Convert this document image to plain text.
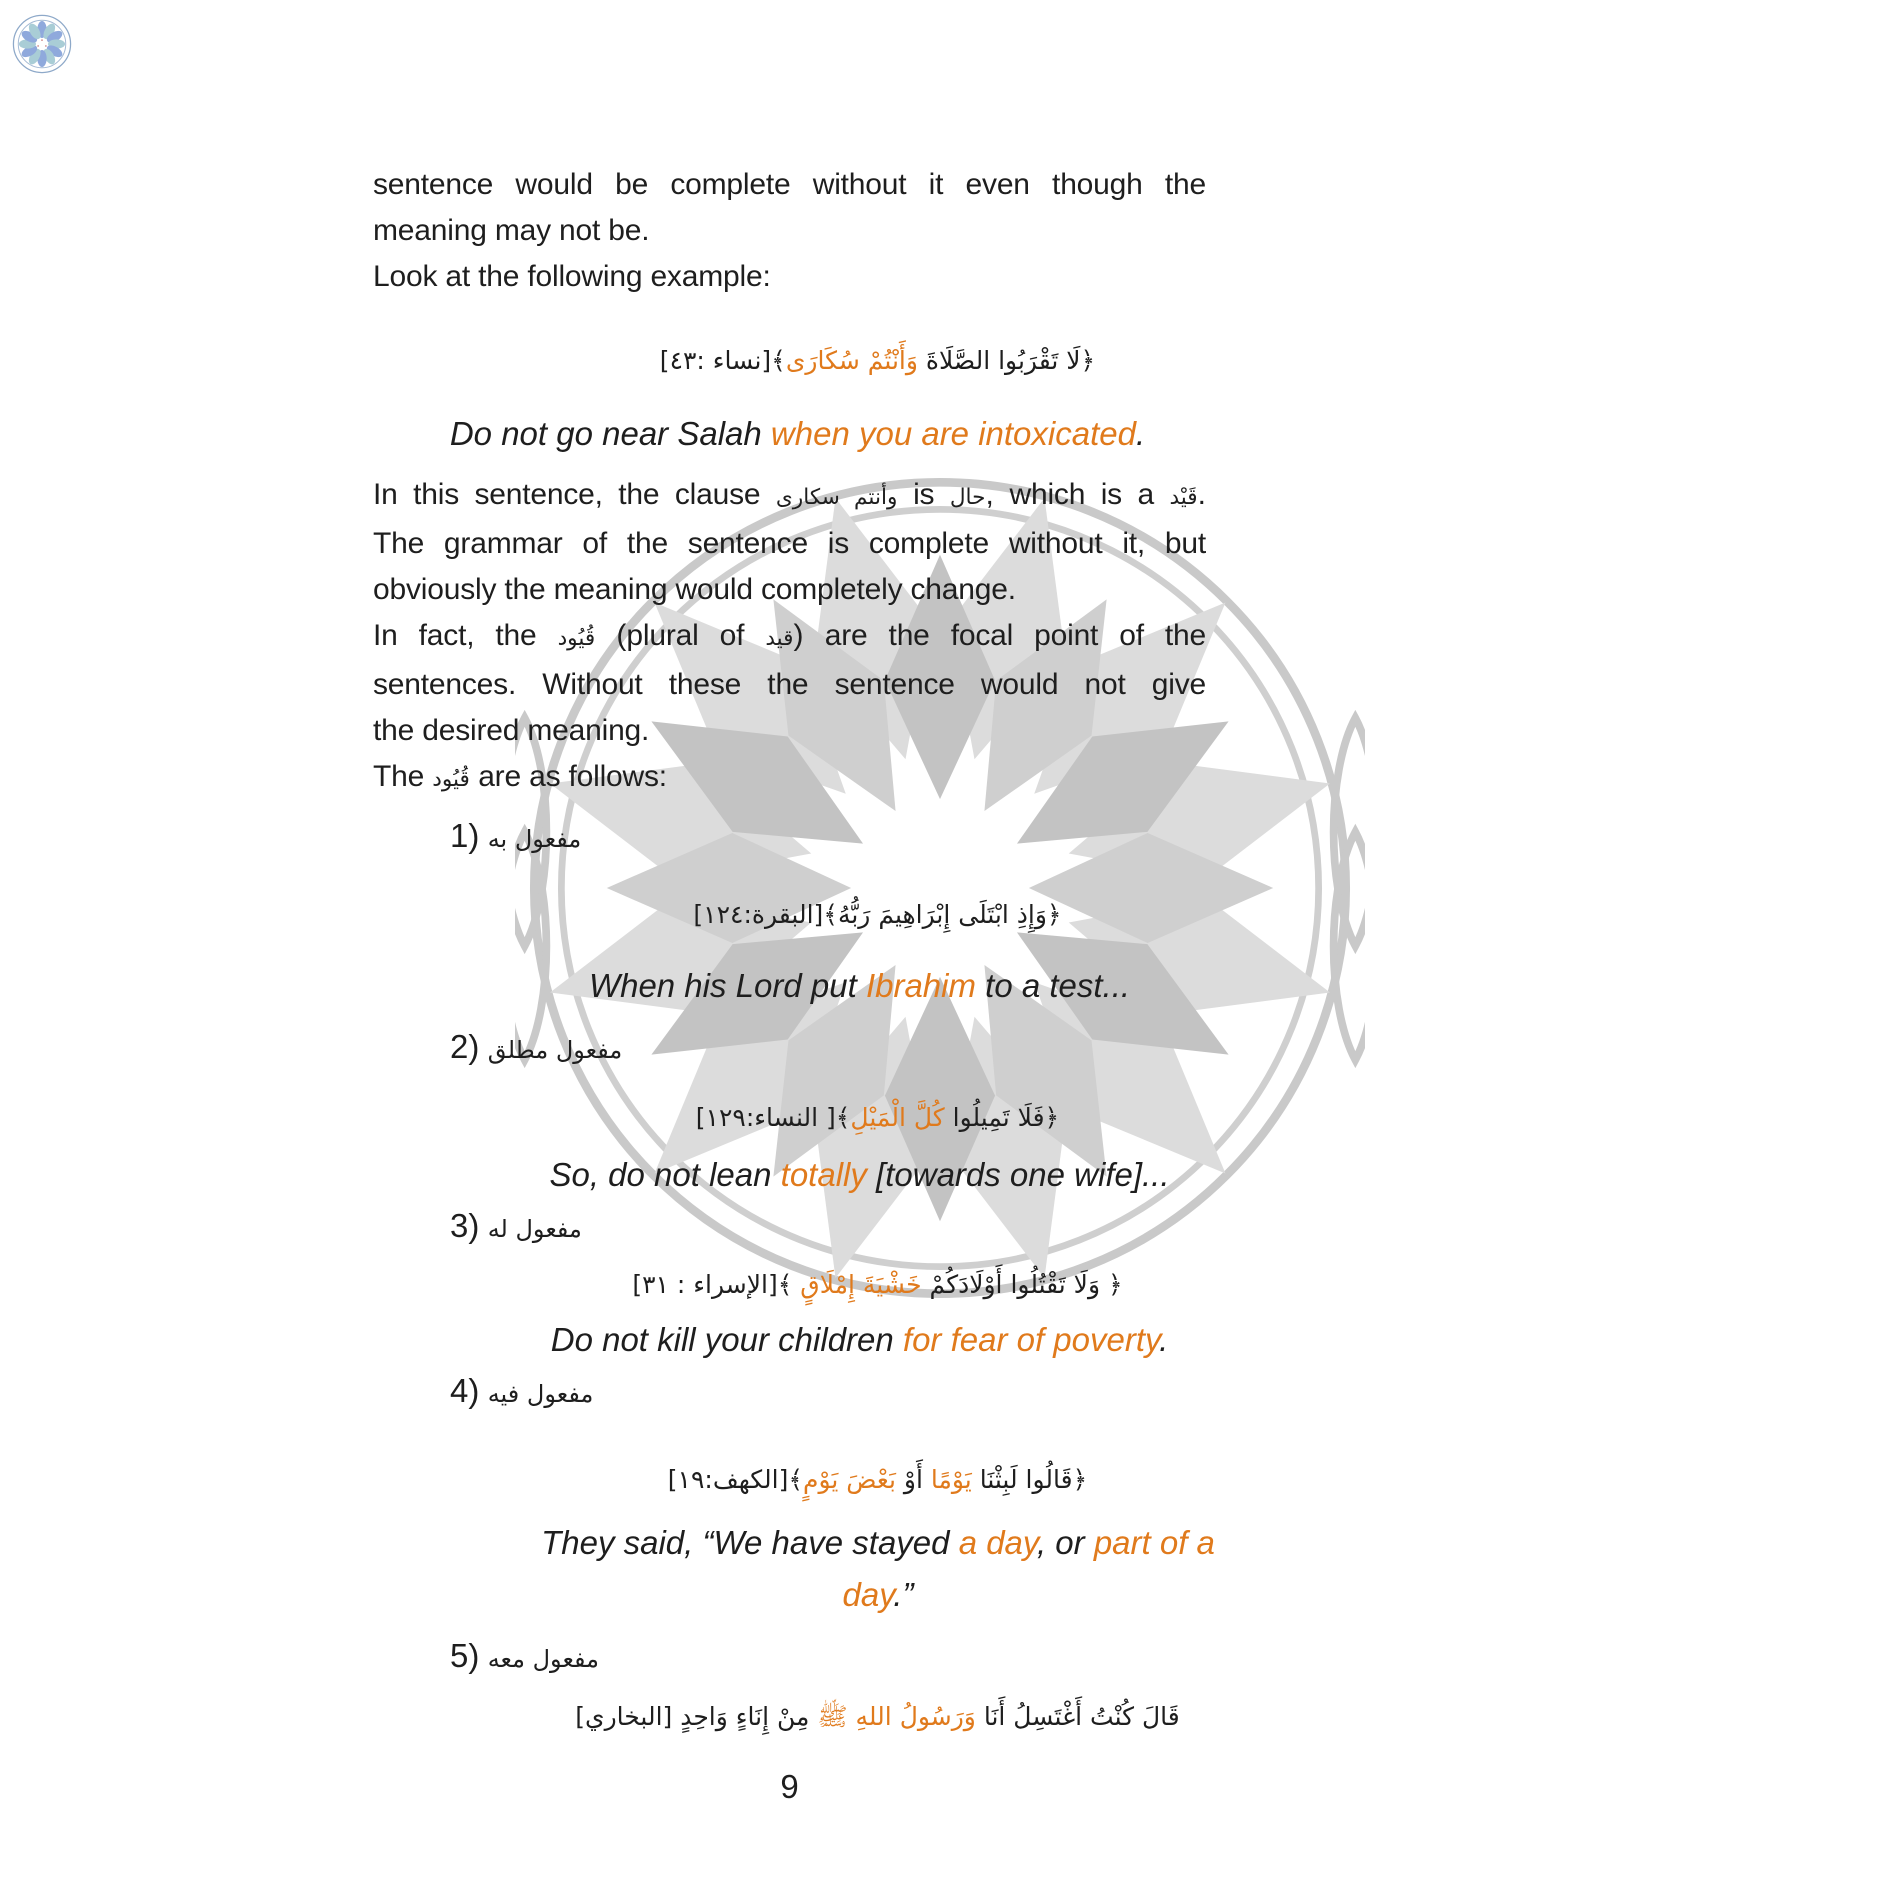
sentence would be complete without it even though the
meaning may not be.
Look at the following example:

﴿لَا تَقْرَبُوا الصَّلَاةَ وَأَنْتُمْ سُكَارَى﴾[نساء :٤٣]
Do not go near Salah when you are intoxicated.

In this sentence, the clause وأنتم سكارى is حال, which is a قَيْد.
The grammar of the sentence is complete without it, but
obviously the meaning would completely change.

In fact, the قُيُود (plural of قيد) are the focal point of the
sentences. Without these the sentence would not give
the desired meaning.

The قُيُود are as follows:

1) مفعول به
﴿وَإِذِ ابْتَلَى إِبْرَاهِيمَ رَبُّهُ﴾[البقرة:١٢٤]
When his Lord put Ibrahim to a test...
2) مفعول مطلق
﴿فَلَا تَمِيلُوا كُلَّ الْمَيْلِ﴾[ النساء:١٢٩]
So, do not lean totally [towards one wife]...
3) مفعول له
﴿ وَلَا تَقْتُلُوا أَوْلَادَكُمْ خَشْيَةَ إِمْلَاقٍ ﴾[الإسراء : ٣١]
Do not kill your children for fear of poverty.
4) مفعول فيه
﴿قَالُوا لَبِثْنَا يَوْمًا أَوْ بَعْضَ يَوْمٍ﴾[الكهف:١٩]
They said, “We have stayed a day, or part of a day.”
5) مفعول معه
قَالَ كُنْتُ أَغْتَسِلُ أَنَا وَرَسُولُ اللهِ ﷺ مِنْ إِنَاءٍ وَاحِدٍ [البخاري]
9
